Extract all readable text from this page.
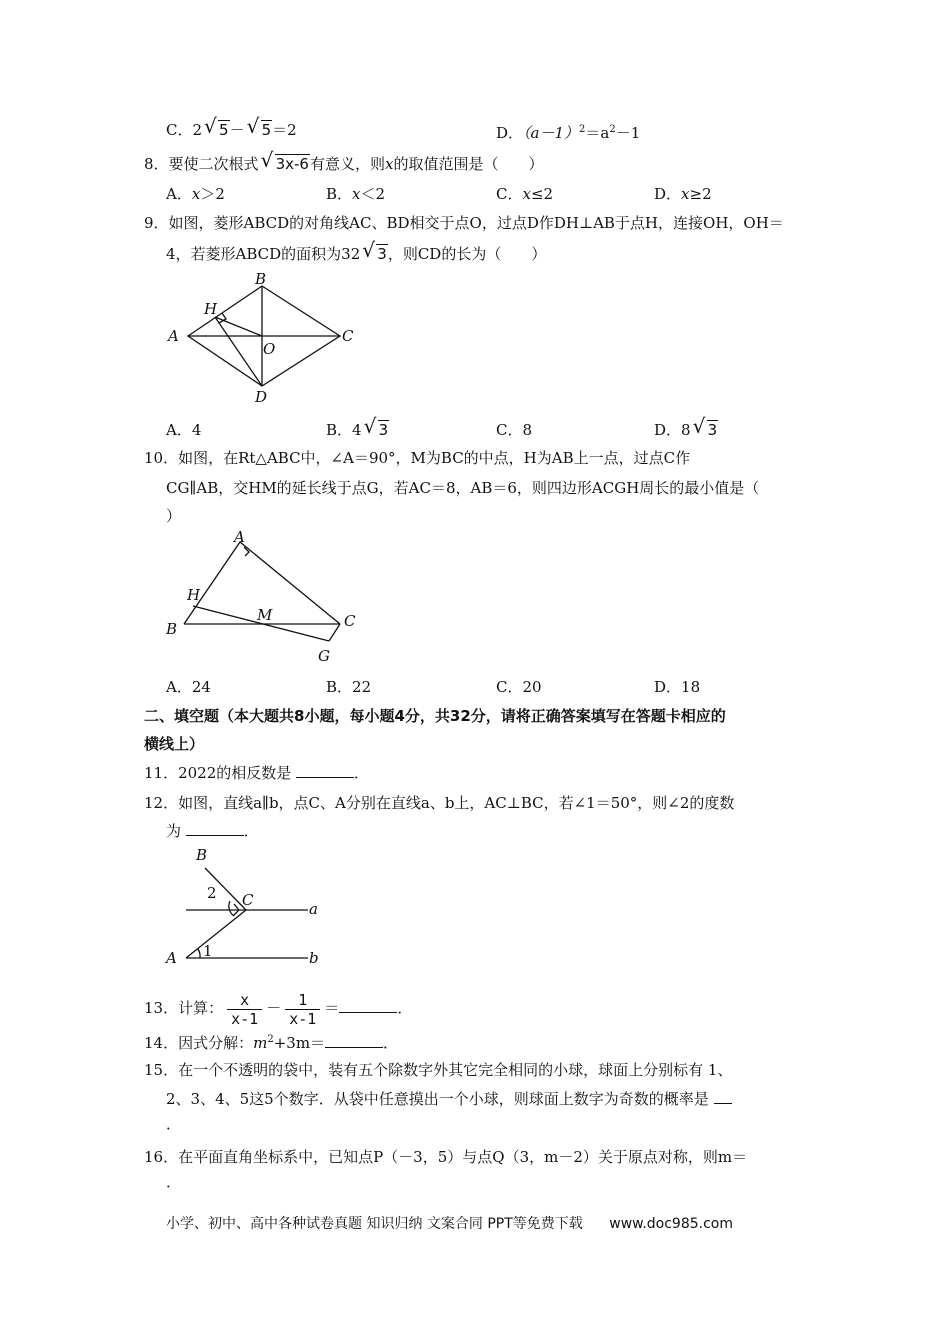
C．2 √ 5－ √ 5＝2	D．$(a-1)^2=a^2-1$
8．要使二次根式 √ 3x-6有意义，则x的取值范围是（　　）
A．x＞2	B．x＜2	C．x≤2	D．x≥2
9．如图，菱形ABCD的对角线AC、BD相交于点O，过点D作DH⊥AB于点H，连接OH，OH＝
4，若菱形ABCD的面积为32 √ 3，则CD的长为（　　）
A
B
C
D
O
H
A．4	B．4 √ 3	C．8	D．8 √ 3
10．如图，在Rt△ABC中，∠A＝90°，M为BC的中点，H为AB上一点，过点C作
CG∥AB，交HM的延长线于点G，若AC＝8，AB＝6，则四边形ACGH周长的最小值是（
）
A
B	C
G
H
M
A．24	B．22	C．20	D．18
二、填空题（本大题共8小题，每小题4分，共32分，请将正确答案填写在答题卡相应的
横线上）
11．2022的相反数是	．
12．如图，直线a∥b，点C、A分别在直线a、b上，AC⊥BC，若∠1＝50°，则∠2的度数
为	．
B
C
A
a
b
1
2
13．计算： $\frac{x}{x-1} - \frac{1}{x-1}$ ＝	．
14．因式分解：$m^2+3m=$	．
15．在一个不透明的袋中，装有五个除数字外其它完全相同的小球，球面上分别标有 1、
2、3、4、5这5个数字．从袋中任意摸出一个小球，则球面上数字为奇数的概率是
．
16．在平面直角坐标系中，已知点P（－3，5）与点Q（3，m－2）关于原点对称，则m＝
．
小学、初中、高中各种试卷真题 知识归纳 文案合同 PPT等免费下载 www.doc985.com
